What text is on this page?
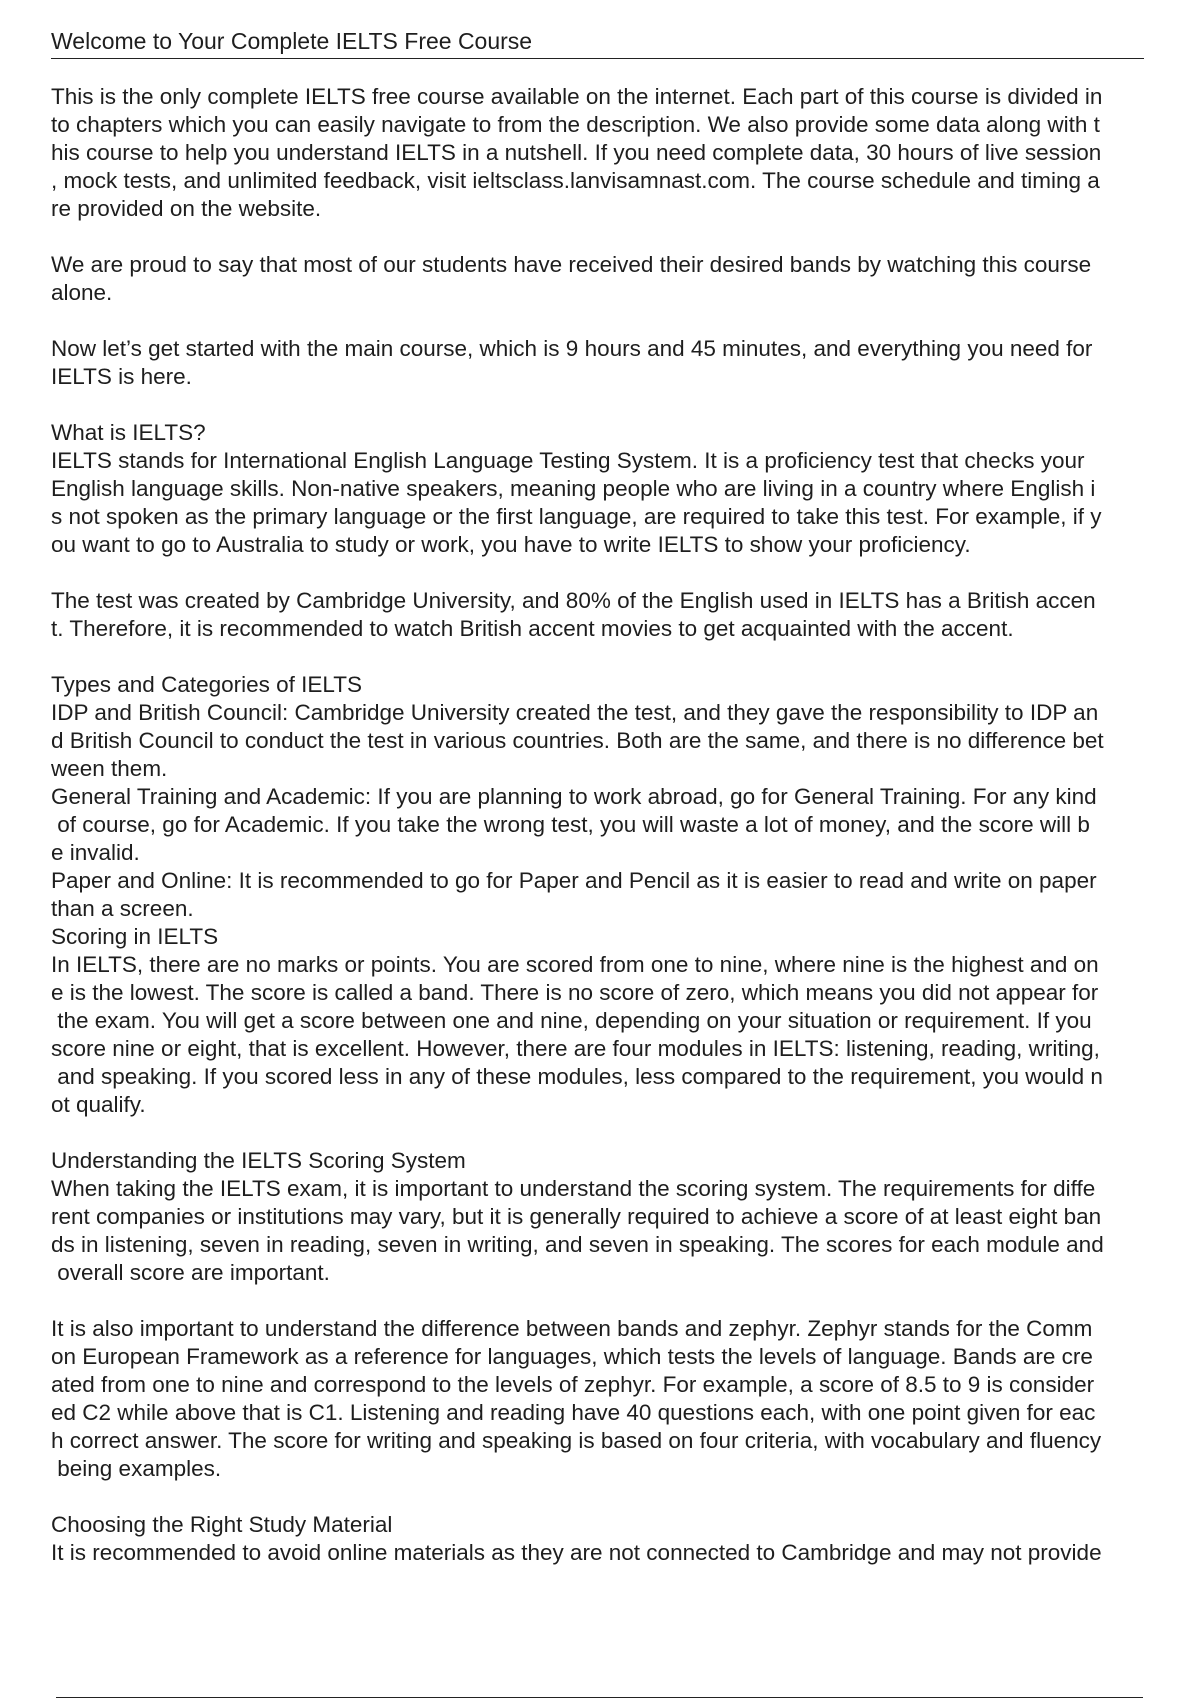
Welcome to Your Complete IELTS Free Course
This is the only complete IELTS free course available on the internet. Each part of this course is divided in
to chapters which you can easily navigate to from the description. We also provide some data along with t
his course to help you understand IELTS in a nutshell. If you need complete data, 30 hours of live session
, mock tests, and unlimited feedback, visit ieltsclass.lanvisamnast.com. The course schedule and timing a
re provided on the website.
We are proud to say that most of our students have received their desired bands by watching this course
alone.
Now let’s get started with the main course, which is 9 hours and 45 minutes, and everything you need for
IELTS is here.
What is IELTS?
IELTS stands for International English Language Testing System. It is a proficiency test that checks your
English language skills. Non-native speakers, meaning people who are living in a country where English i
s not spoken as the primary language or the first language, are required to take this test. For example, if y
ou want to go to Australia to study or work, you have to write IELTS to show your proficiency.
The test was created by Cambridge University, and 80% of the English used in IELTS has a British accen
t. Therefore, it is recommended to watch British accent movies to get acquainted with the accent.
Types and Categories of IELTS
IDP and British Council: Cambridge University created the test, and they gave the responsibility to IDP an
d British Council to conduct the test in various countries. Both are the same, and there is no difference bet
ween them.
General Training and Academic: If you are planning to work abroad, go for General Training. For any kind
of course, go for Academic. If you take the wrong test, you will waste a lot of money, and the score will b
e invalid.
Paper and Online: It is recommended to go for Paper and Pencil as it is easier to read and write on paper
than a screen.
Scoring in IELTS
In IELTS, there are no marks or points. You are scored from one to nine, where nine is the highest and on
e is the lowest. The score is called a band. There is no score of zero, which means you did not appear for
the exam. You will get a score between one and nine, depending on your situation or requirement. If you
score nine or eight, that is excellent. However, there are four modules in IELTS: listening, reading, writing,
and speaking. If you scored less in any of these modules, less compared to the requirement, you would n
ot qualify.
Understanding the IELTS Scoring System
When taking the IELTS exam, it is important to understand the scoring system. The requirements for diffe
rent companies or institutions may vary, but it is generally required to achieve a score of at least eight ban
ds in listening, seven in reading, seven in writing, and seven in speaking. The scores for each module and
overall score are important.
It is also important to understand the difference between bands and zephyr. Zephyr stands for the Comm
on European Framework as a reference for languages, which tests the levels of language. Bands are cre
ated from one to nine and correspond to the levels of zephyr. For example, a score of 8.5 to 9 is consider
ed C2 while above that is C1. Listening and reading have 40 questions each, with one point given for eac
h correct answer. The score for writing and speaking is based on four criteria, with vocabulary and fluency
being examples.
Choosing the Right Study Material
It is recommended to avoid online materials as they are not connected to Cambridge and may not provide
